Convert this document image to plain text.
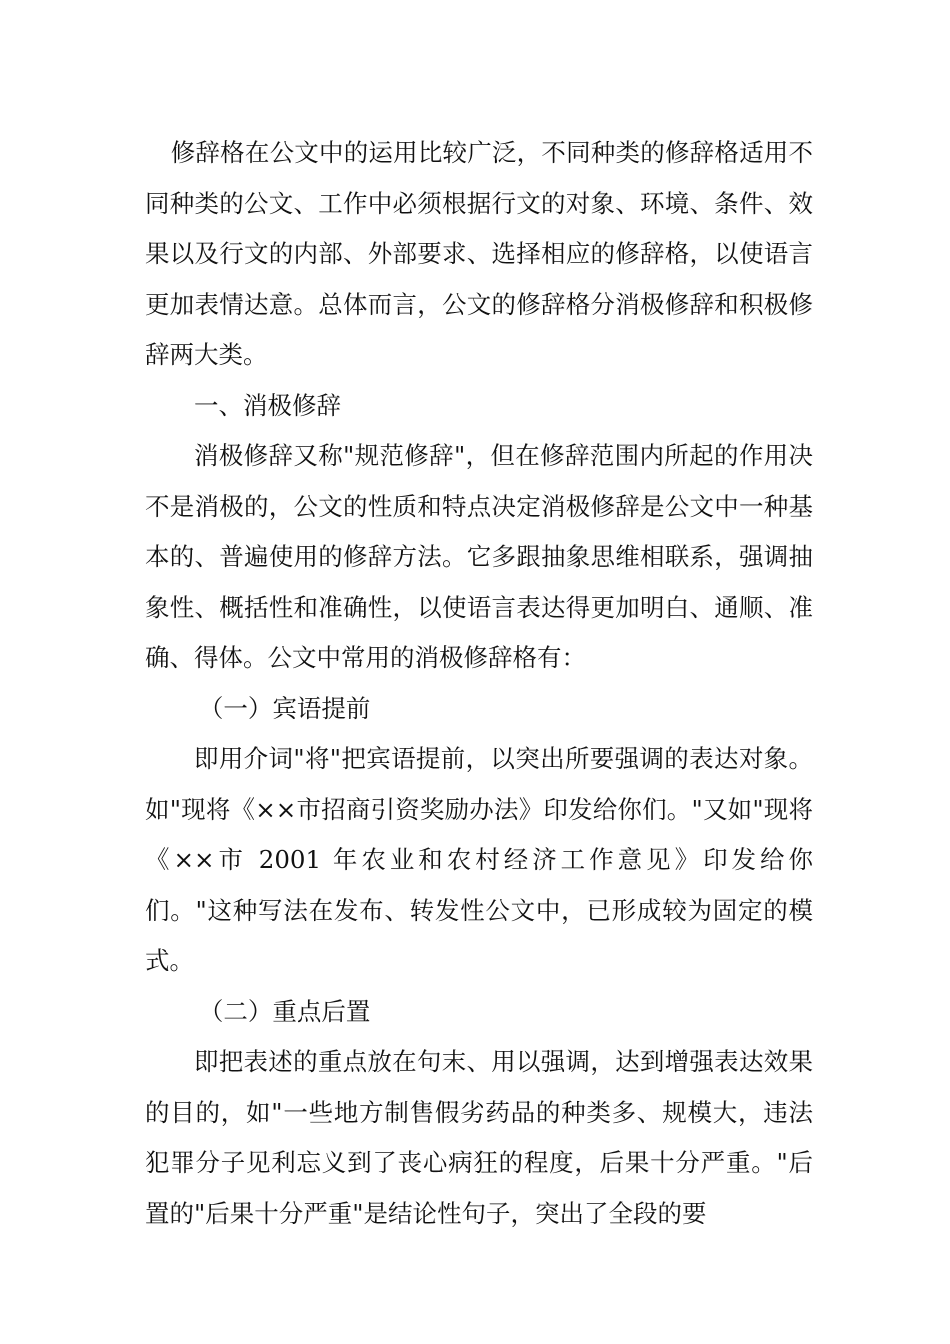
修辞格在公文中的运用比较广泛，不同种类的修辞格适用不同种类的公文、工作中必须根据行文的对象、环境、条件、效果以及行文的内部、外部要求、选择相应的修辞格，以使语言更加表情达意。总体而言，公文的修辞格分消极修辞和积极修辞两大类。

一、消极修辞

消极修辞又称"规范修辞"，但在修辞范围内所起的作用决不是消极的，公文的性质和特点决定消极修辞是公文中一种基本的、普遍使用的修辞方法。它多跟抽象思维相联系，强调抽象性、概括性和准确性，以使语言表达得更加明白、通顺、准确、得体。公文中常用的消极修辞格有：

（一）宾语提前

即用介词"将"把宾语提前，以突出所要强调的表达对象。如"现将《××市招商引资奖励办法》印发给你们。"又如"现将《××市 2001 年农业和农村经济工作意见》印发给你们。"这种写法在发布、转发性公文中，已形成较为固定的模式。

（二）重点后置

即把表述的重点放在句末、用以强调，达到增强表达效果的目的，如"一些地方制售假劣药品的种类多、规模大，违法犯罪分子见利忘义到了丧心病狂的程度，后果十分严重。"后置的"后果十分严重"是结论性句子，突出了全段的要
